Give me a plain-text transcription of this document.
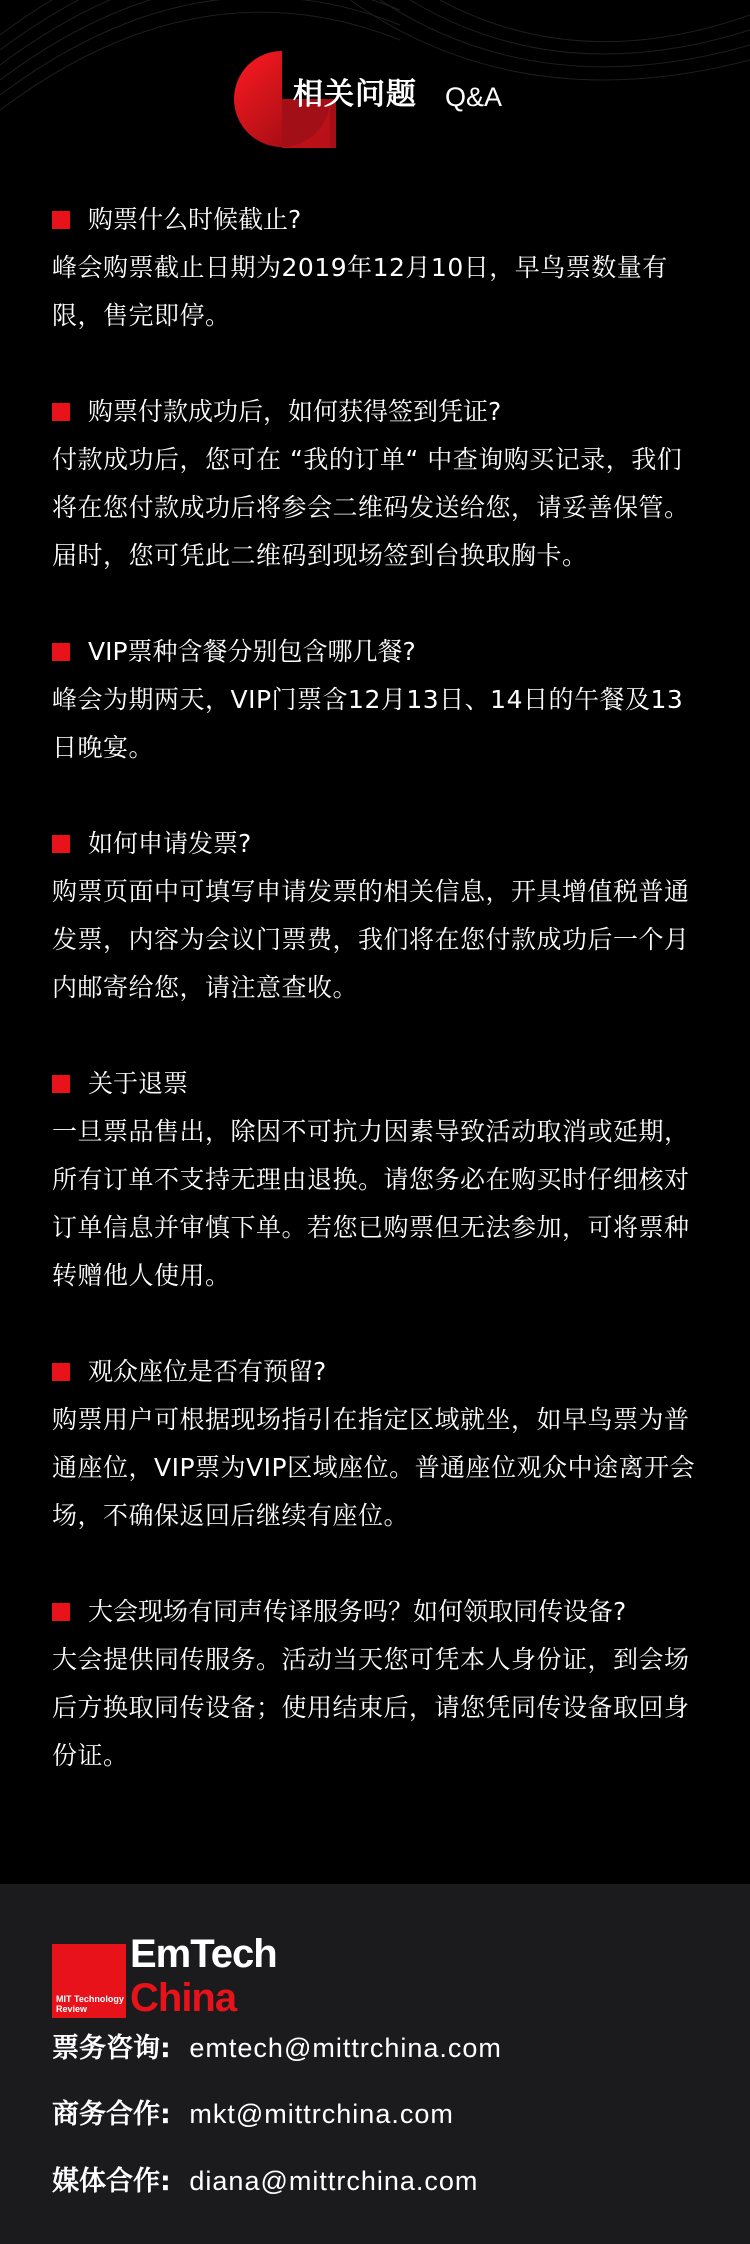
相关问题 Q&A
购票什么时候截止?
峰会购票截止日期为2019年12月10日，早鸟票数量有限，售完即停。
购票付款成功后，如何获得签到凭证?
付款成功后，您可在 “我的订单“ 中查询购买记录，我们将在您付款成功后将参会二维码发送给您，请妥善保管。届时，您可凭此二维码到现场签到台换取胸卡。
VIP票种含餐分别包含哪几餐?
峰会为期两天，VIP门票含12月13日、14日的午餐及13日晚宴。
如何申请发票?
购票页面中可填写申请发票的相关信息，开具增值税普通发票，内容为会议门票费，我们将在您付款成功后一个月内邮寄给您，请注意查收。
关于退票
一旦票品售出，除因不可抗力因素导致活动取消或延期，所有订单不支持无理由退换。请您务必在购买时仔细核对订单信息并审慎下单。若您已购票但无法参加，可将票种转赠他人使用。
观众座位是否有预留?
购票用户可根据现场指引在指定区域就坐，如早鸟票为普通座位，VIP票为VIP区域座位。普通座位观众中途离开会场，不确保返回后继续有座位。
大会现场有同声传译服务吗？如何领取同传设备?
大会提供同传服务。活动当天您可凭本人身份证，到会场后方换取同传设备；使用结束后，请您凭同传设备取回身份证。
MIT Technology Review
EmTech
China
票务咨询: emtech@mittrchina.com
商务合作: mkt@mittrchina.com
媒体合作: diana@mittrchina.com
